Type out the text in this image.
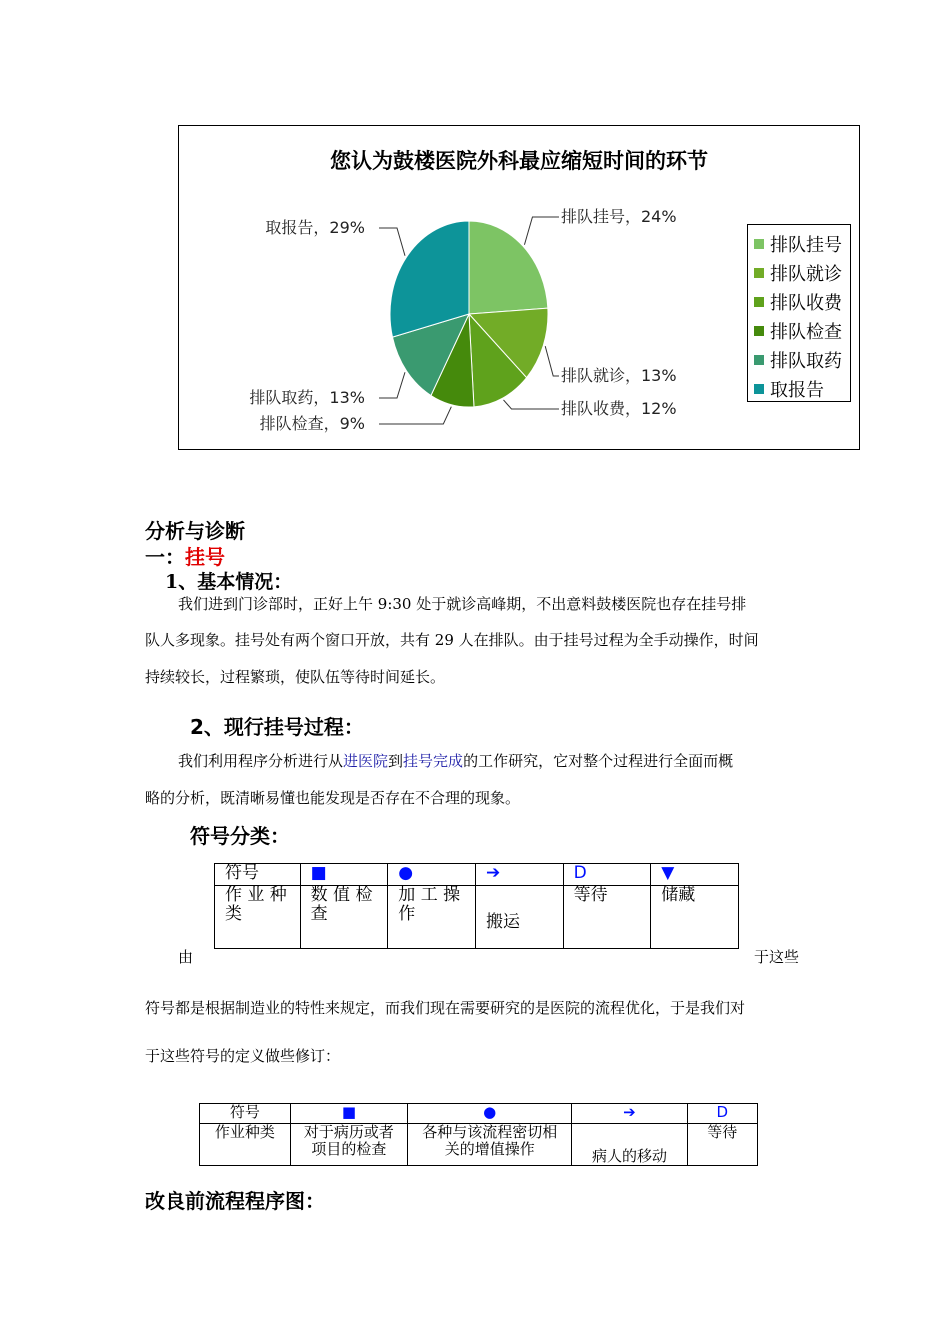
您认为鼓楼医院外科最应缩短时间的环节
排队挂号，24%
排队就诊，13%
排队收费，12%
排队检查，9%
排队取药，13%
取报告，29%
排队挂号
排队就诊
排队收费
排队检查
排队取药
取报告
分析与诊断
一：挂号
1、基本情况：
我们进到门诊部时，正好上午 9:30 处于就诊高峰期，不出意料鼓楼医院也存在挂号排
队人多现象。挂号处有两个窗口开放，共有 29 人在排队。由于挂号过程为全手动操作，时间
持续较长，过程繁琐，使队伍等待时间延长。
2、现行挂号过程：
我们利用程序分析进行从进医院到挂号完成的工作研究，它对整个过程进行全面而概
略的分析，既清晰易懂也能发现是否存在不合理的现象。
符号分类：
符号	■	●	➔	D	▼
作 业 种 类	数 值 检 查	加 工 操 作	搬运	等待	储藏
由	于这些
符号都是根据制造业的特性来规定，而我们现在需要研究的是医院的流程优化，于是我们对
于这些符号的定义做些修订：
符号	■	●	➔	D
作业种类	对于病历或者项目的检查	各种与该流程密切相关的增值操作	病人的移动	等待
改良前流程程序图：
